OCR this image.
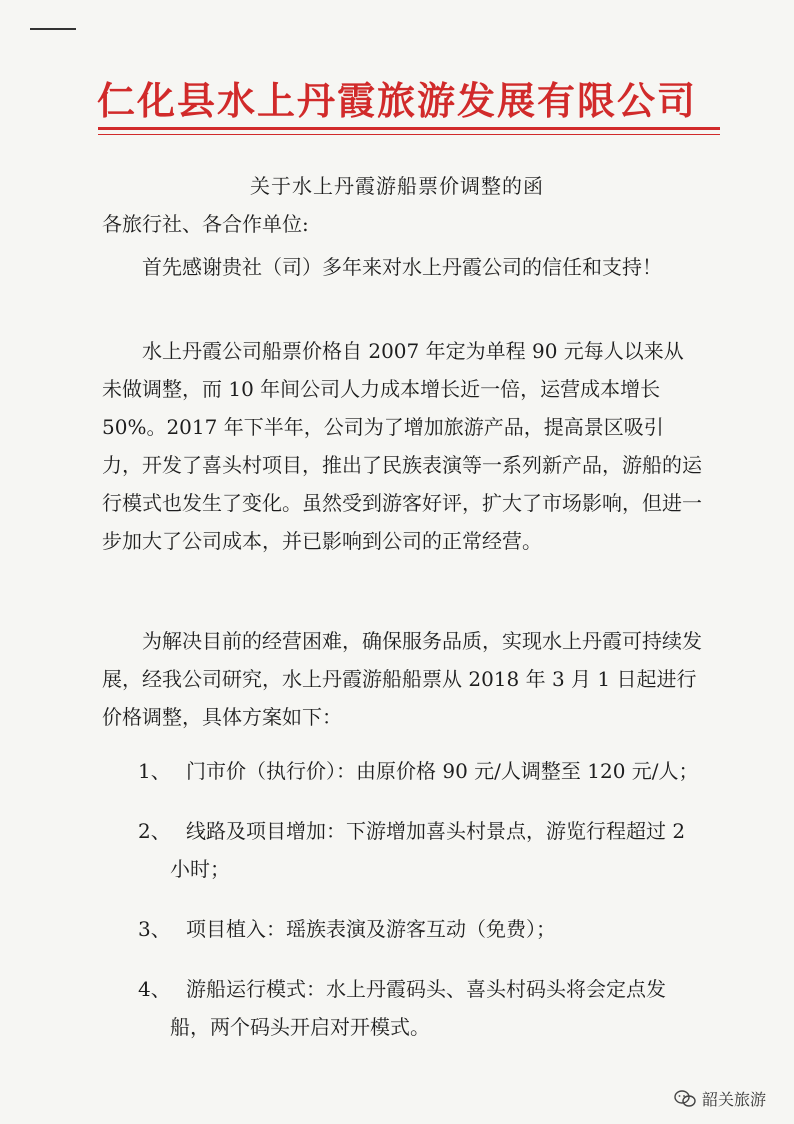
仁化县水上丹霞旅游发展有限公司
关于水上丹霞游船票价调整的函
各旅行社、各合作单位:
首先感谢贵社（司）多年来对水上丹霞公司的信任和支持！
水上丹霞公司船票价格自 2007 年定为单程 90 元每人以来从未做调整，而 10 年间公司人力成本增长近一倍，运营成本增长 50%。2017 年下半年，公司为了增加旅游产品，提高景区吸引力，开发了喜头村项目，推出了民族表演等一系列新产品，游船的运行模式也发生了变化。虽然受到游客好评，扩大了市场影响，但进一步加大了公司成本，并已影响到公司的正常经营。
为解决目前的经营困难，确保服务品质，实现水上丹霞可持续发展，经我公司研究，水上丹霞游船船票从 2018 年 3 月 1 日起进行价格调整，具体方案如下：
1、 门市价（执行价）：由原价格 90 元/人调整至 120 元/人；
2、 线路及项目增加：下游增加喜头村景点，游览行程超过 2 小时；
3、 项目植入：瑶族表演及游客互动（免费）；
4、 游船运行模式：水上丹霞码头、喜头村码头将会定点发船，两个码头开启对开模式。
韶关旅游
